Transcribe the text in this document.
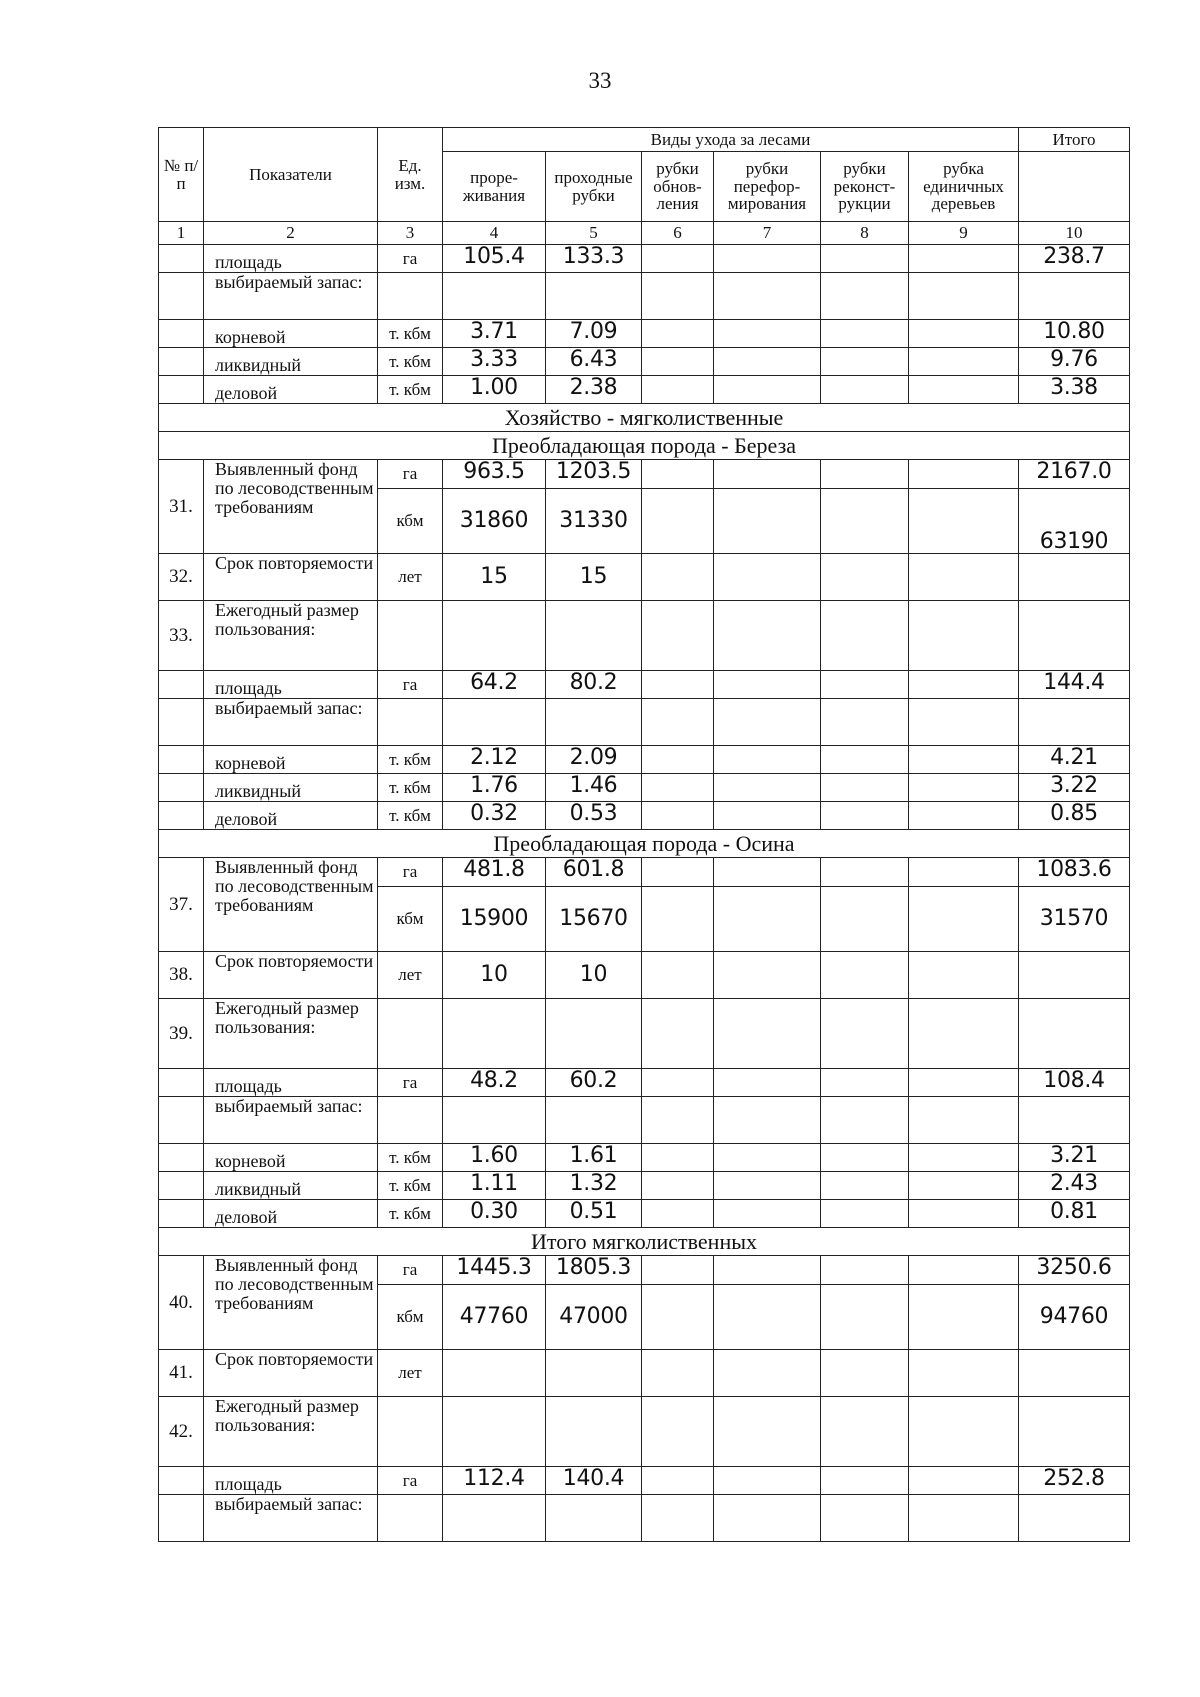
33
№ п/п	Показатели	Ед. изм.	Виды ухода за лесами						Итого
			проре- живания	проходные рубки	рубки обнов- ления	рубки перефор- мирования	рубки реконст- рукции	рубка единичных деревьев	
1	2	3	4	5	6	7	8	9	10
	площадь	га	105.4	133.3					238.7
	выбираемый запас:								
	корневой	т. кбм	3.71	7.09					10.80
	ликвидный	т. кбм	3.33	6.43					9.76
	деловой	т. кбм	1.00	2.38					3.38
Хозяйство - мягколиственные									
Преобладающая порода - Береза									
31.	Выявленный фонд по лесоводственным требованиям	га	963.5	1203.5					2167.0
		кбм	31860	31330					63190
32.	Срок повторяемости	лет	15	15					
33.	Ежегодный размер пользования:								
	площадь	га	64.2	80.2					144.4
	выбираемый запас:								
	корневой	т. кбм	2.12	2.09					4.21
	ликвидный	т. кбм	1.76	1.46					3.22
	деловой	т. кбм	0.32	0.53					0.85
Преобладающая порода - Осина									
37.	Выявленный фонд по лесоводственным требованиям	га	481.8	601.8					1083.6
		кбм	15900	15670					31570
38.	Срок повторяемости	лет	10	10					
39.	Ежегодный размер пользования:								
	площадь	га	48.2	60.2					108.4
	выбираемый запас:								
	корневой	т. кбм	1.60	1.61					3.21
	ликвидный	т. кбм	1.11	1.32					2.43
	деловой	т. кбм	0.30	0.51					0.81
Итого мягколиственных									
40.	Выявленный фонд по лесоводственным требованиям	га	1445.3	1805.3					3250.6
		кбм	47760	47000					94760
41.	Срок повторяемости	лет							
42.	Ежегодный размер пользования:								
	площадь	га	112.4	140.4					252.8
	выбираемый запас:								
